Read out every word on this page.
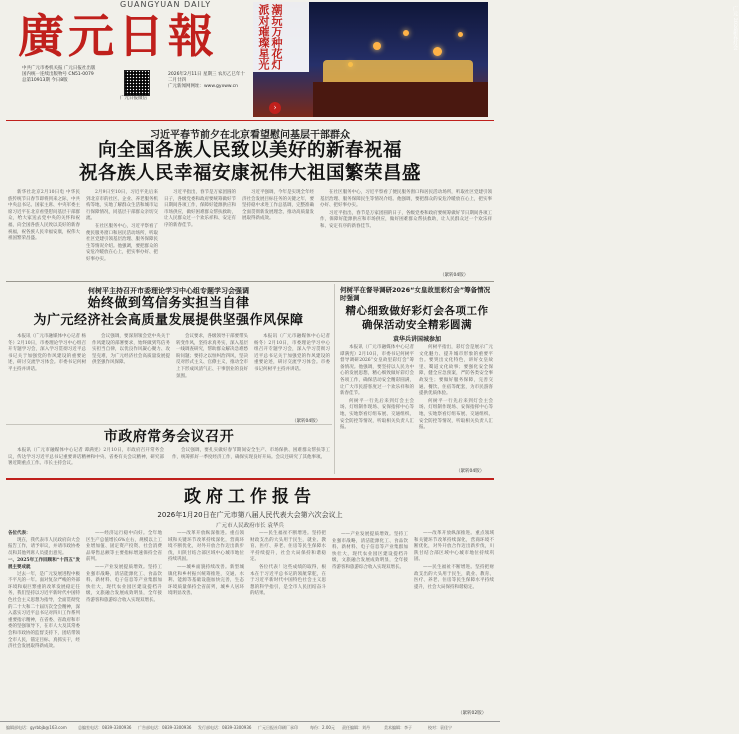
GUANGYUAN DAILY
廣元日報
中共广元市委机关报 广元日报社出版
国内统一连续出版物号 CN51-0079
总第10913期 今日8版
广元日报微信
2026年2月11日 星期三 农历乙巳年十二月廿四
广元新闻网网址：www.gyxww.cn
潮玩万种花灯 派对璀璨星光
›
广元 2026新春灯会
习近平春节前夕在北京看望慰问基层干部群众
向全国各族人民致以美好的新春祝福
祝各族人民幸福安康祝伟大祖国繁荣昌盛

新华社北京2月10日电 中华民族传统节日春节即将到来之际，中共中央总书记、国家主席、中央军委主席习近平在北京看望慰问基层干部群众，给大家送去党中央的关怀和祝福，向全国各族人民致以美好的新春祝福，祝各族人民幸福安康，祝伟大祖国繁荣昌盛。

2月9日至10日，习近平先后来到北京市的社区、企业、养老服务机构等地，实地了解群众生活和城市运行保障情况，同基层干部群众亲切交流。

在社区服务中心，习近平察看了便民服务窗口和居民活动场所，听取社区党建引领基层治理、服务保障民生等情况介绍。他强调，要把群众的安危冷暖放在心上，把实事办好、把好事办实。

习近平指出，春节是万家团圆的日子，各级党委和政府要统筹做好节日期间各项工作，保障好能源供应和市场供应，做好困难群众帮扶救助，让人民群众过一个欢乐祥和、安定有序的新春佳节。

习近平强调，今年是实现全年经济社会发展目标任务的关键之年，要坚持稳中求进工作总基调，完整准确全面贯彻新发展理念，推动高质量发展取得新成效。

在社区服务中心，习近平察看了便民服务窗口和居民活动场所，听取社区党建引领基层治理、服务保障民生等情况介绍。他强调，要把群众的安危冷暖放在心上，把实事办好、把好事办实。

习近平指出，春节是万家团圆的日子，各级党委和政府要统筹做好节日期间各项工作，保障好能源供应和市场供应，做好困难群众帮扶救助，让人民群众过一个欢乐祥和、安定有序的新春佳节。

（紧转04版）
何树平主持召开市委理论学习中心组专题学习会强调
始终做到笃信务实担当自律
为广元经济社会高质量发展提供坚强作风保障

本报讯（广元市融媒体中心记者 杨冬）2月10日，市委理论学习中心组召开专题学习会，深入学习贯彻习近平总书记关于加强党的作风建设的重要论述，研讨交流学习体会。市委书记何树平主持并讲话。

会议强调，要深刻领会党中央关于作风建设的部署要求，始终做到笃信务实担当自律，以优良作风凝心聚力、攻坚克难，为广元经济社会高质量发展提供坚强作风保障。

会议要求，各级领导干部要带头转变作风，坚持求真务实，深入基层一线调查研究，帮助群众解决急难愁盼问题；要持之以恒纠治四风，坚决反对形式主义、官僚主义，推动全市上下形成风清气正、干事创业的良好氛围。

本报讯（广元市融媒体中心记者 杨冬）2月10日，市委理论学习中心组召开专题学习会，深入学习贯彻习近平总书记关于加强党的作风建设的重要论述，研讨交流学习体会。市委书记何树平主持并讲话。

（紧转04版）
何树平在督导调研2026“女皇故里彩灯会”筹备情况时强调
精心细致做好彩灯会各项工作
确保活动安全精彩圆满
袁华兵讲国城参加

本报讯（广元市融媒体中心记者 谭满宪）2月10日，市委书记何树平督导调研2026“女皇故里彩灯会”筹备情况。他强调，要坚持以人民为中心的发展思想，精心细致做好彩灯会各项工作，确保活动安全精彩圆满，让广大市民游客度过一个欢乐祥和的新春佳节。

何树平一行先后来到灯会主会场、灯组制作现场、安保指挥中心等地，实地察看灯组布展、交通组织、安全防控等情况，听取相关负责人汇报。

何树平指出，彩灯会是展示广元文化魅力、提升城市形象的重要平台。要突出文化特色，讲好女皇故里、蜀道文化故事；要强化安全保障，健全应急预案，严防各类安全事故发生；要做好服务保障，完善交通、餐饮、住宿等配套，为市民游客提供优质体验。

何树平一行先后来到灯会主会场、灯组制作现场、安保指挥中心等地，实地察看灯组布展、交通组织、安全防控等情况，听取相关负责人汇报。

（紧转04版）
市政府常务会议召开

本报讯（广元市融媒体中心记者 谭满宪）2月10日，市政府召开常务会议，传达学习习近平总书记重要讲话精神和中央、省委有关会议精神，研究部署近期重点工作。市长主持会议。

会议强调，要扎实做好春节期间安全生产、市场保供、困难群众帮扶等工作，统筹抓好一季度经济工作，确保实现良好开局。会议还研究了其他事项。

政府工作报告
2026年1月20日在广元市第八届人民代表大会第六次会议上
广元市人民政府市长 袁华兵
各位代表：

现在，我代表市人民政府向大会报告工作，请予审议，并请市政协委员和其他列席人员提出意见。

一、2025年工作回顾和“十四五”发展主要成就

过去一年，是广元发展进程中极不平凡的一年。面对复杂严峻的外部环境和艰巨繁重的改革发展稳定任务，我们坚持以习近平新时代中国特色社会主义思想为指导，全面贯彻党的二十大和二十届历次全会精神，深入落实习近平总书记对四川工作系列重要指示精神，在省委、省政府和市委的坚强领导下，在市人大及其常委会和市政协的监督支持下，团结带领全市人民，锚定目标、真抓实干，经济社会发展取得新成效。

——经济运行稳中向好。全年地区生产总值增长6%左右，规模以上工业增加值、固定资产投资、社会消费品零售总额等主要指标增速保持全省前列。

——产业发展提质增效。坚持工业强市战略，清洁能源化工、食品饮料、新材料、电子信息等产业集群加快壮大，现代农业园区建设提档升级，文旅融合发展成效明显，全年接待游客和旅游综合收入实现双增长。

——改革开放纵深推进。重点领域和关键环节改革持续深化，营商环境不断优化，对外开放合作迈出新步伐，川陕甘结合部区域中心城市地位持续巩固。

——城乡面貌持续改善。新型城镇化和乡村振兴统筹推进，交通、水利、能源等基础设施加快完善，生态环境质量保持全省前列，城乡人居环境明显改善。

——民生福祉不断增进。坚持把财政支出的大头用于民生，就业、教育、医疗、养老、住房等民生保障水平持续提升，社会大局保持和谐稳定。

各位代表！这些成绩的取得，根本在于习近平总书记的领航掌舵，在于习近平新时代中国特色社会主义思想的科学指引，是全市人民团结奋斗的结果。

——产业发展提质增效。坚持工业强市战略，清洁能源化工、食品饮料、新材料、电子信息等产业集群加快壮大，现代农业园区建设提档升级，文旅融合发展成效明显，全年接待游客和旅游综合收入实现双增长。

——改革开放纵深推进。重点领域和关键环节改革持续深化，营商环境不断优化，对外开放合作迈出新步伐，川陕甘结合部区域中心城市地位持续巩固。

——民生福祉不断增进。坚持把财政支出的大头用于民生，就业、教育、医疗、养老、住房等民生保障水平持续提升，社会大局保持和谐稳定。

（紧转02版）
编辑部电话：gyrbbjb@163.com	总编室电话：0839-3300936 广告部电话：0839-3300936 发行部电话：0839-3300936 广元日报社印刷厂承印	每份：2.00元 责任编辑：刘丹	美术编辑：李子	校对：袁佳宁
